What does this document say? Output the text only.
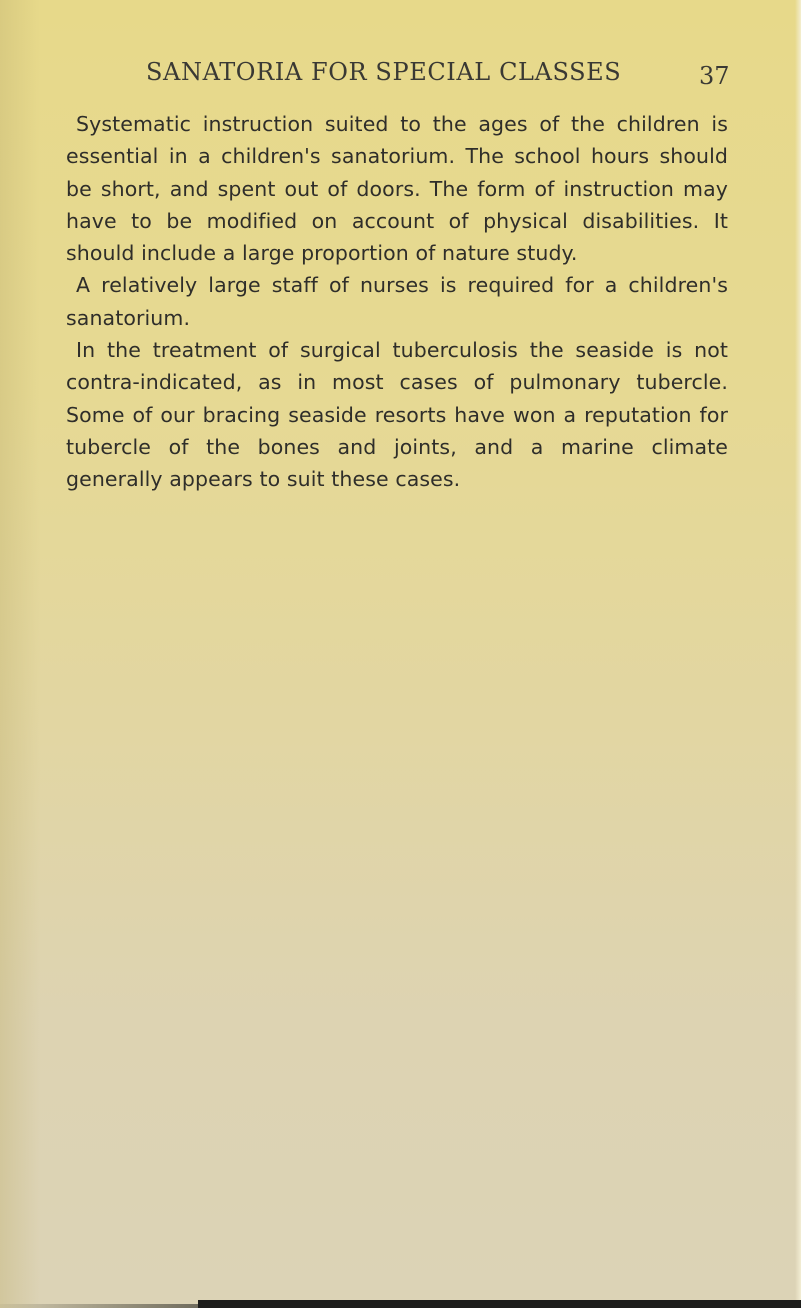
SANATORIA FOR SPECIAL CLASSES	37

Systematic instruction suited to the ages of the children is essential in a children's sanatorium. The school hours should be short, and spent out of doors. The form of instruction may have to be modified on account of physical disabilities. It should include a large proportion of nature study.

A relatively large staff of nurses is required for a children's sanatorium.

In the treatment of surgical tuberculosis the seaside is not contra-indicated, as in most cases of pulmonary tubercle. Some of our bracing seaside resorts have won a reputation for tubercle of the bones and joints, and a marine climate generally appears to suit these cases.
